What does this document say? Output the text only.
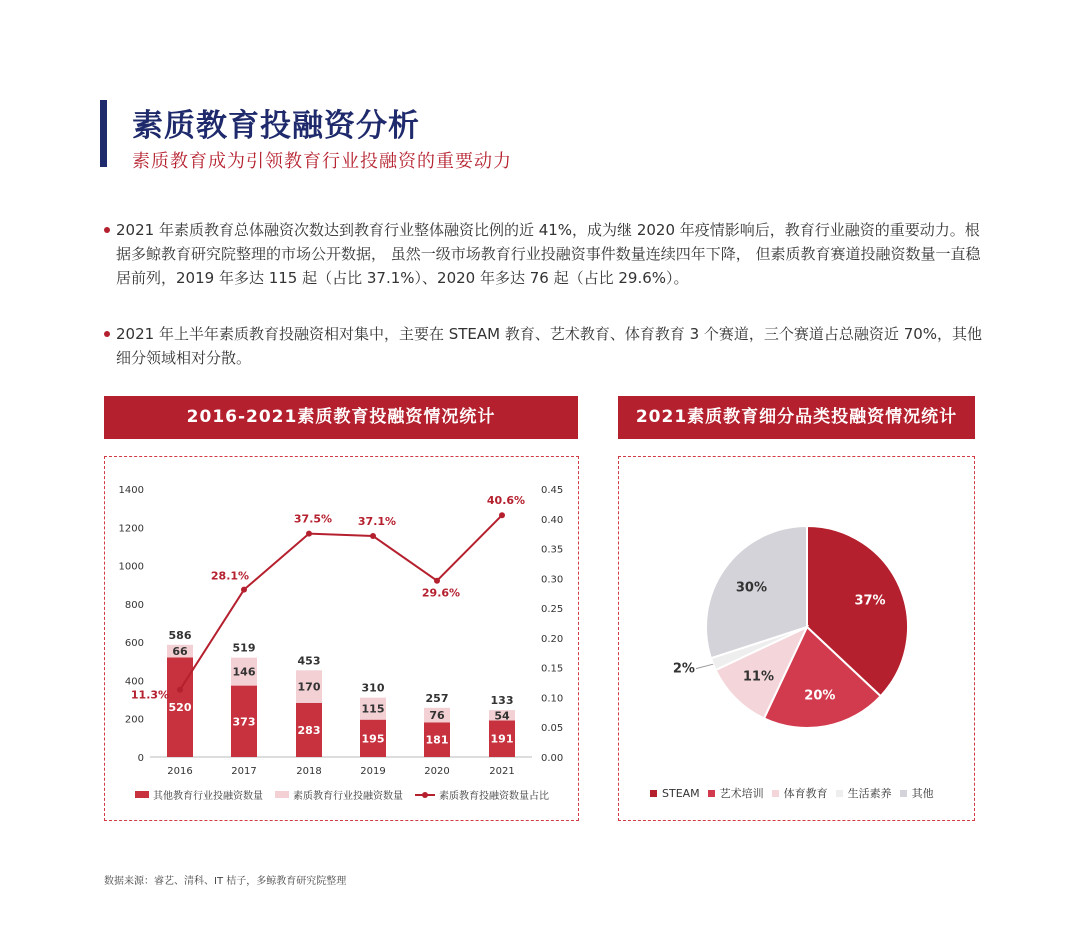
素质教育投融资分析
素质教育成为引领教育行业投融资的重要动力
2021 年素质教育总体融资次数达到教育行业整体融资比例的近 41%，成为继 2020 年疫情影响后，教育行业融资的重要动力。根据多鲸教育研究院整理的市场公开数据， 虽然一级市场教育行业投融资事件数量连续四年下降， 但素质教育赛道投融资数量一直稳居前列，2019 年多达 115 起（占比 37.1%）、2020 年多达 76 起（占比 29.6%）。
2021 年上半年素质教育投融资相对集中，主要在 STEAM 教育、艺术教育、体育教育 3 个赛道，三个赛道占总融资近 70%，其他细分领域相对分散。
2016-2021素质教育投融资情况统计	2021素质教育细分品类投融资情况统计
0
200
400
600
800
1000
1200
1400
0.00
0.05
0.10
0.15
0.20
0.25
0.30
0.35
0.40
0.45
520
66
586
2016
373
146
519
2017
283
170
453
2018
195
115
310
2019
181
76
257
2020
191
54
133
2021
11.3%
28.1%
37.5% 37.1%
29.6%
40.6%
37%
20%
11%
2%
30%
其他教育行业投融资数量	素质教育行业投融资数量	素质教育投融资数量占比	STEAM 艺术培训 体育教育 生活素养 其他
数据来源：睿艺、清科、IT 桔子，多鲸教育研究院整理
